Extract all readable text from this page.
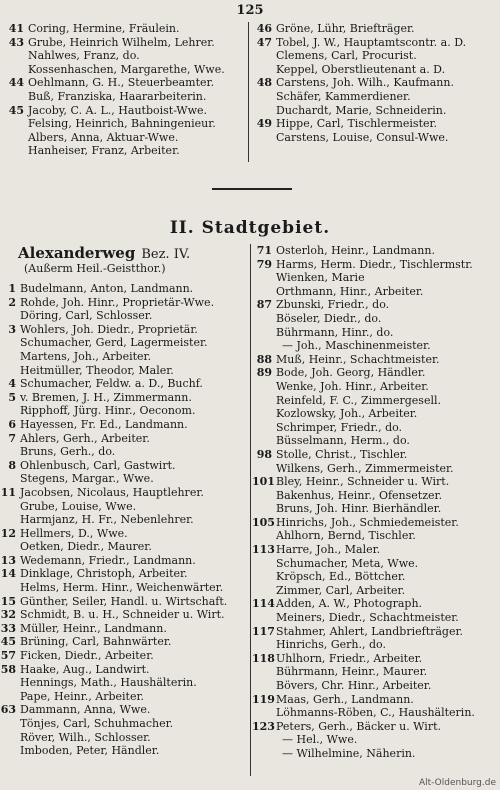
125
41 Coring, Hermine, Fräulein.
43 Grube, Heinrich Wilhelm, Lehrer.
Nahlwes, Franz, do.
Kossenhaschen, Margarethe, Wwe.
44 Oehlmann, G. H., Steuerbeamter.
Buß, Franziska, Haararbeiterin.
45 Jacoby, C. A. L., Hautboist-Wwe.
Felsing, Heinrich, Bahningenieur.
Albers, Anna, Aktuar-Wwe.
Hanheiser, Franz, Arbeiter.
46 Gröne, Lühr, Briefträger.
47 Tobel, J. W., Hauptamtscontr. a. D.
Clemens, Carl, Procurist.
Keppel, Oberstlieutenant a. D.
48 Carstens, Joh. Wilh., Kaufmann.
Schäfer, Kammerdiener.
Duchardt, Marie, Schneiderin.
49 Hippe, Carl, Tischlermeister.
Carstens, Louise, Consul-Wwe.
II. Stadtgebiet.
Alexanderweg Bez. IV.
(Außerm Heil.-Geistthor.)
1 Budelmann, Anton, Landmann.
2 Rohde, Joh. Hinr., Proprietär-Wwe.
Döring, Carl, Schlosser.
3 Wohlers, Joh. Diedr., Proprietär.
Schumacher, Gerd, Lagermeister.
Martens, Joh., Arbeiter.
Heitmüller, Theodor, Maler.
4 Schumacher, Feldw. a. D., Buchf.
5 v. Bremen, J. H., Zimmermann.
Ripphoff, Jürg. Hinr., Oeconom.
6 Hayessen, Fr. Ed., Landmann.
7 Ahlers, Gerh., Arbeiter.
Bruns, Gerh., do.
8 Ohlenbusch, Carl, Gastwirt.
Stegens, Margar., Wwe.
11 Jacobsen, Nicolaus, Hauptlehrer.
Grube, Louise, Wwe.
Harmjanz, H. Fr., Nebenlehrer.
12 Hellmers, D., Wwe.
Oetken, Diedr., Maurer.
13 Wedemann, Friedr., Landmann.
14 Dinklage, Christoph, Arbeiter.
Helms, Herm. Hinr., Weichenwärter.
15 Günther, Seiler, Handl. u. Wirtschaft.
32 Schmidt, B. u. H., Schneider u. Wirt.
33 Müller, Heinr., Landmann.
45 Brüning, Carl, Bahnwärter.
57 Ficken, Diedr., Arbeiter.
58 Haake, Aug., Landwirt.
Hennings, Math., Haushälterin.
Pape, Heinr., Arbeiter.
63 Dammann, Anna, Wwe.
Tönjes, Carl, Schuhmacher.
Röver, Wilh., Schlosser.
Imboden, Peter, Händler.
71 Osterloh, Heinr., Landmann.
79 Harms, Herm. Diedr., Tischlermstr.
Wienken, Marie
Orthmann, Hinr., Arbeiter.
87 Zbunski, Friedr., do.
Böseler, Diedr., do.
Bührmann, Hinr., do.
— Joh., Maschinenmeister.
88 Muß, Heinr., Schachtmeister.
89 Bode, Joh. Georg, Händler.
Wenke, Joh. Hinr., Arbeiter.
Reinfeld, F. C., Zimmergesell.
Kozlowsky, Joh., Arbeiter.
Schrimper, Friedr., do.
Büsselmann, Herm., do.
98 Stolle, Christ., Tischler.
Wilkens, Gerh., Zimmermeister.
101Bley, Heinr., Schneider u. Wirt.
Bakenhus, Heinr., Ofensetzer.
Bruns, Joh. Hinr. Bierhändler.
105Hinrichs, Joh., Schmiedemeister.
Ahlhorn, Bernd, Tischler.
113Harre, Joh., Maler.
Schumacher, Meta, Wwe.
Kröpsch, Ed., Böttcher.
Zimmer, Carl, Arbeiter.
114Adden, A. W., Photograph.
Meiners, Diedr., Schachtmeister.
117Stahmer, Ahlert, Landbriefträger.
Hinrichs, Gerh., do.
118Uhlhorn, Friedr., Arbeiter.
Bührmann, Heinr., Maurer.
Bövers, Chr. Hinr., Arbeiter.
119Maas, Gerh., Landmann.
Löhmanns-Röben, C., Haushälterin.
123Peters, Gerh., Bäcker u. Wirt.
— Hel., Wwe.
— Wilhelmine, Näherin.
Alt-Oldenburg.de
